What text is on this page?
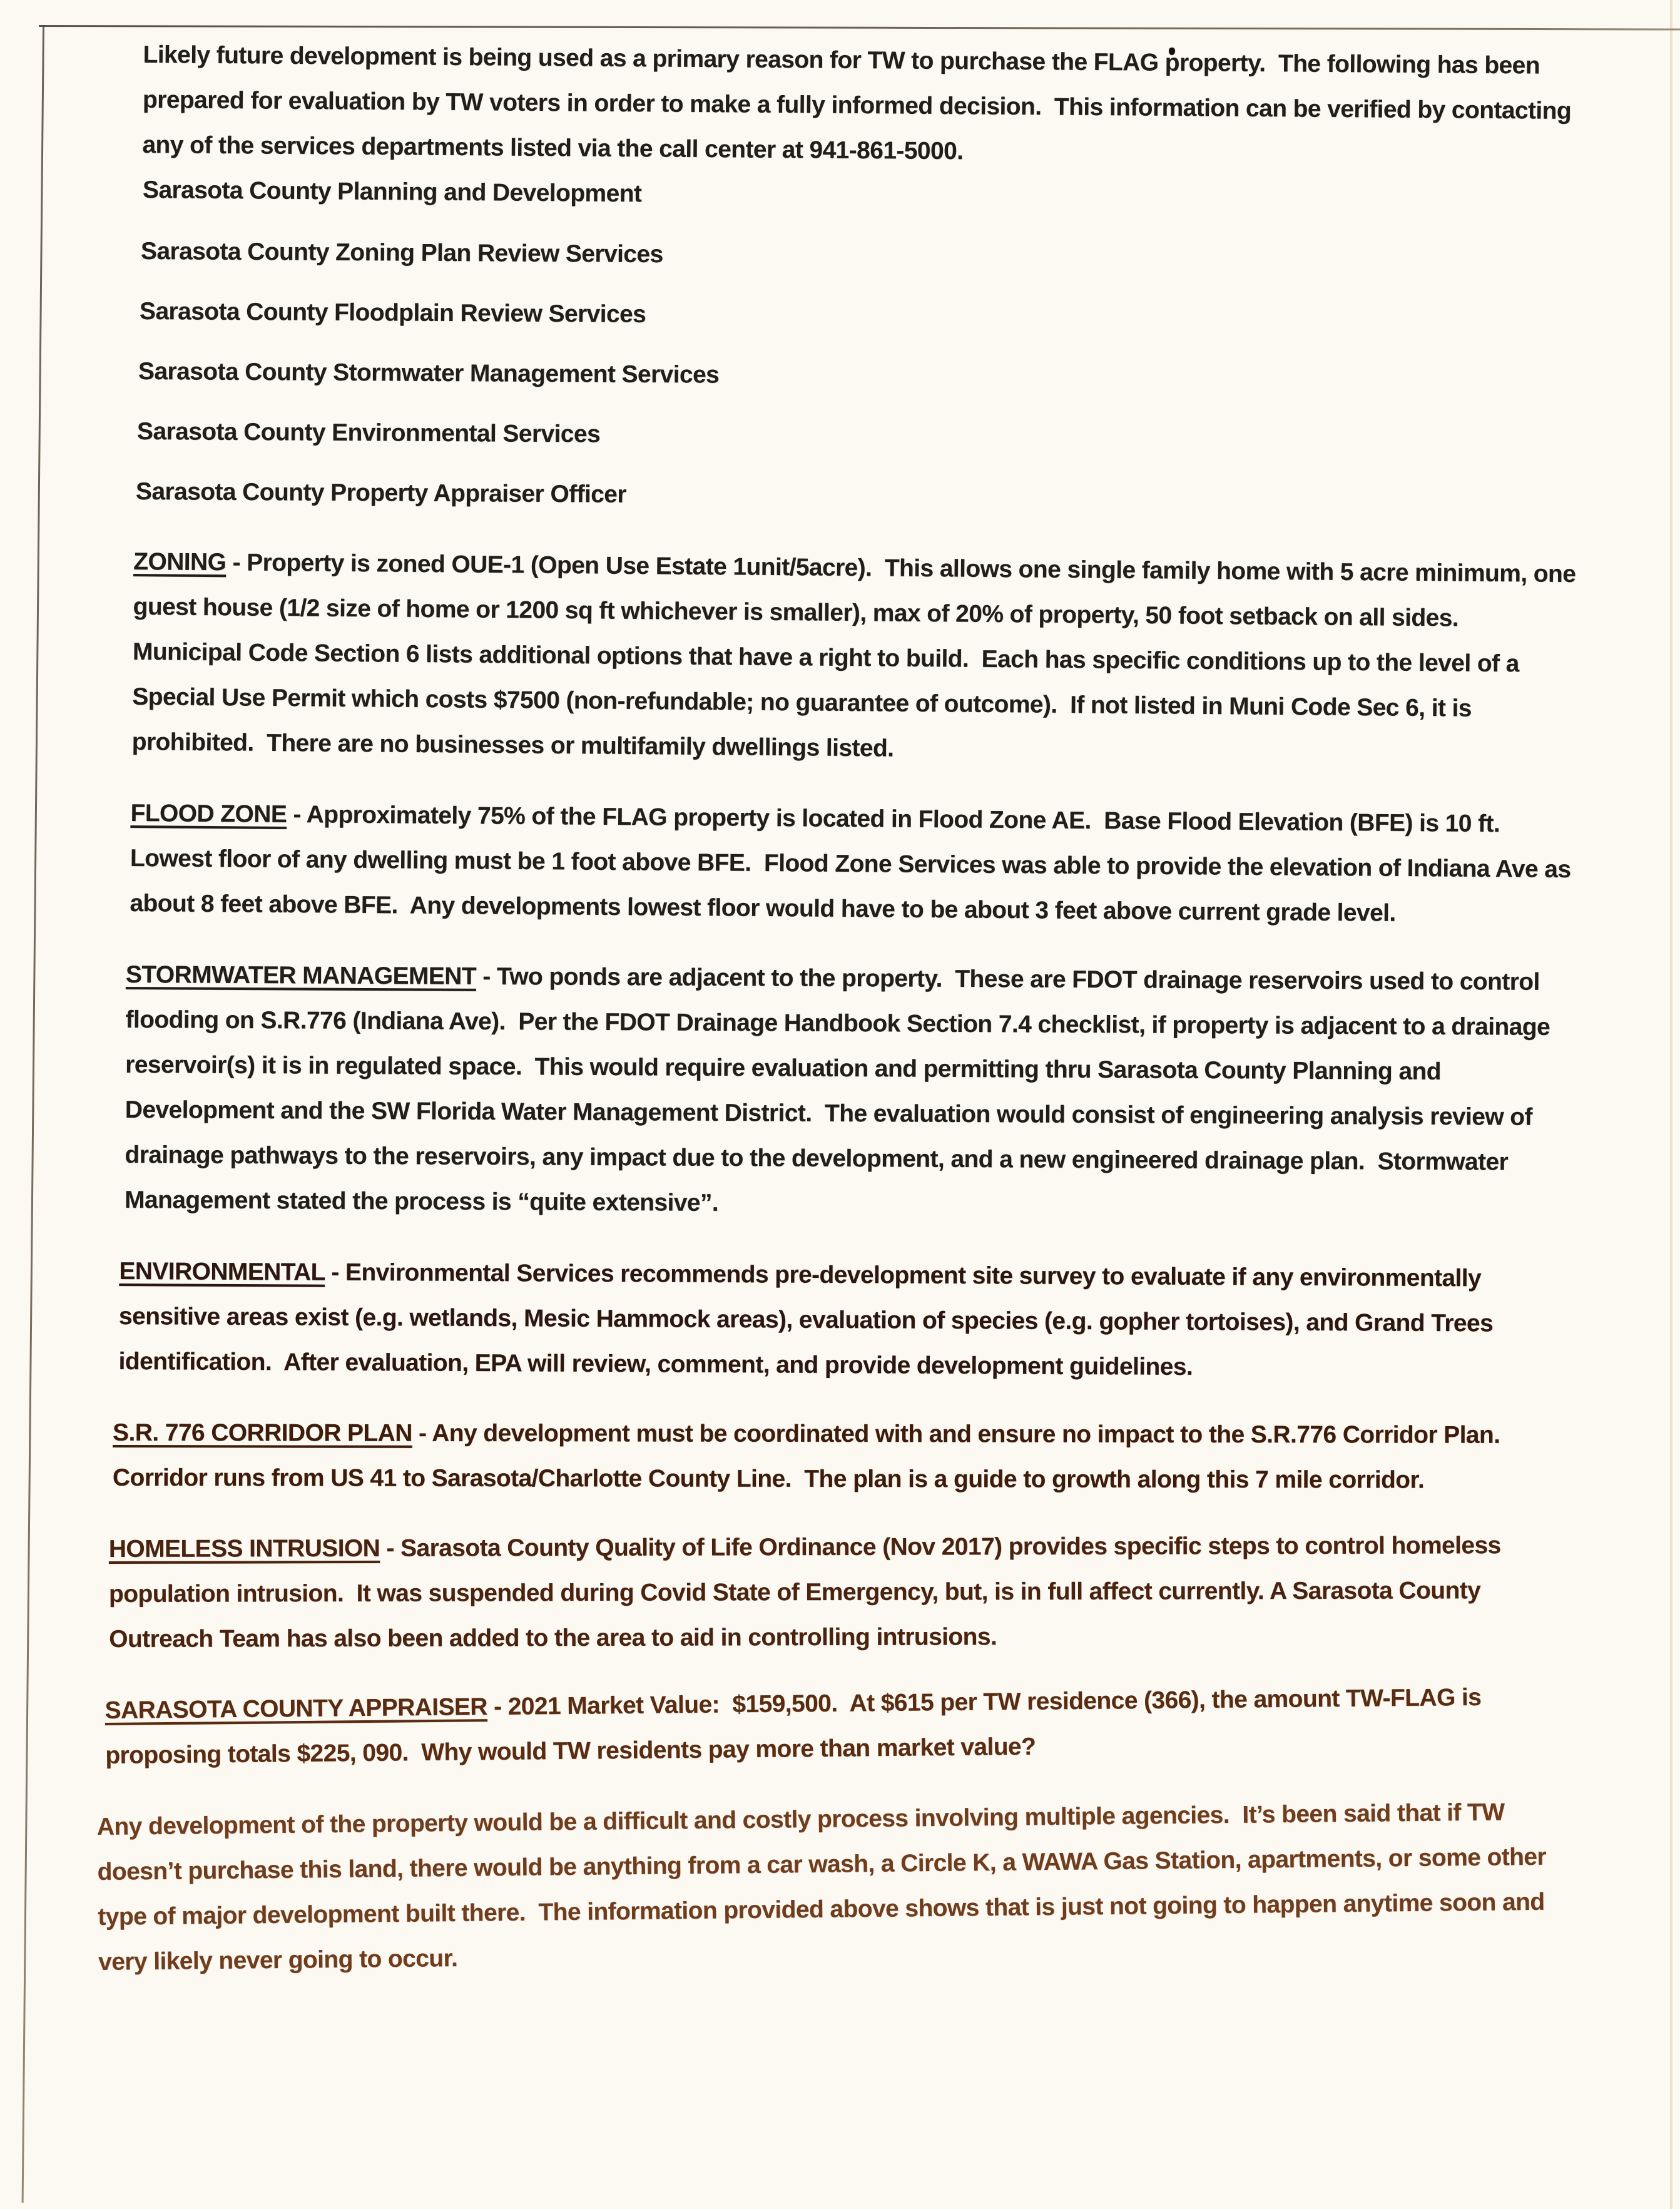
Likely future development is being used as a primary reason for TW to purchase the FLAG property.  The following has been prepared for evaluation by TW voters in order to make a fully informed decision.  This information can be verified by contacting any of the services departments listed via the call center at 941-861-5000.

Sarasota County Planning and Development

Sarasota County Zoning Plan Review Services

Sarasota County Floodplain Review Services

Sarasota County Stormwater Management Services

Sarasota County Environmental Services

Sarasota County Property Appraiser Officer

ZONING - Property is zoned OUE-1 (Open Use Estate 1unit/5acre).  This allows one single family home with 5 acre minimum, one guest house (1/2 size of home or 1200 sq ft whichever is smaller), max of 20% of property, 50 foot setback on all sides.  Municipal Code Section 6 lists additional options that have a right to build.  Each has specific conditions up to the level of a Special Use Permit which costs $7500 (non-refundable; no guarantee of outcome).  If not listed in Muni Code Sec 6, it is prohibited.  There are no businesses or multifamily dwellings listed.

FLOOD ZONE - Approximately 75% of the FLAG property is located in Flood Zone AE.  Base Flood Elevation (BFE) is 10 ft.  Lowest floor of any dwelling must be 1 foot above BFE.  Flood Zone Services was able to provide the elevation of Indiana Ave as about 8 feet above BFE.  Any developments lowest floor would have to be about 3 feet above current grade level.

STORMWATER MANAGEMENT - Two ponds are adjacent to the property.  These are FDOT drainage reservoirs used to control flooding on S.R.776 (Indiana Ave).  Per the FDOT Drainage Handbook Section 7.4 checklist, if property is adjacent to a drainage reservoir(s) it is in regulated space.  This would require evaluation and permitting thru Sarasota County Planning and Development and the SW Florida Water Management District.  The evaluation would consist of engineering analysis review of drainage pathways to the reservoirs, any impact due to the development, and a new engineered drainage plan.  Stormwater Management stated the process is “quite extensive”.

ENVIRONMENTAL - Environmental Services recommends pre-development site survey to evaluate if any environmentally sensitive areas exist (e.g. wetlands, Mesic Hammock areas), evaluation of species (e.g. gopher tortoises), and Grand Trees identification.  After evaluation, EPA will review, comment, and provide development guidelines.

S.R. 776 CORRIDOR PLAN - Any development must be coordinated with and ensure no impact to the S.R.776 Corridor Plan.  Corridor runs from US 41 to Sarasota/Charlotte County Line.  The plan is a guide to growth along this 7 mile corridor.

HOMELESS INTRUSION - Sarasota County Quality of Life Ordinance (Nov 2017) provides specific steps to control homeless population intrusion.  It was suspended during Covid State of Emergency, but, is in full affect currently. A Sarasota County Outreach Team has also been added to the area to aid in controlling intrusions.

SARASOTA COUNTY APPRAISER - 2021 Market Value:  $159,500.  At $615 per TW residence (366), the amount TW-FLAG is proposing totals $225, 090.  Why would TW residents pay more than market value?

Any development of the property would be a difficult and costly process involving multiple agencies.  It’s been said that if TW doesn’t purchase this land, there would be anything from a car wash, a Circle K, a WAWA Gas Station, apartments, or some other type of major development built there.  The information provided above shows that is just not going to happen anytime soon and very likely never going to occur.
